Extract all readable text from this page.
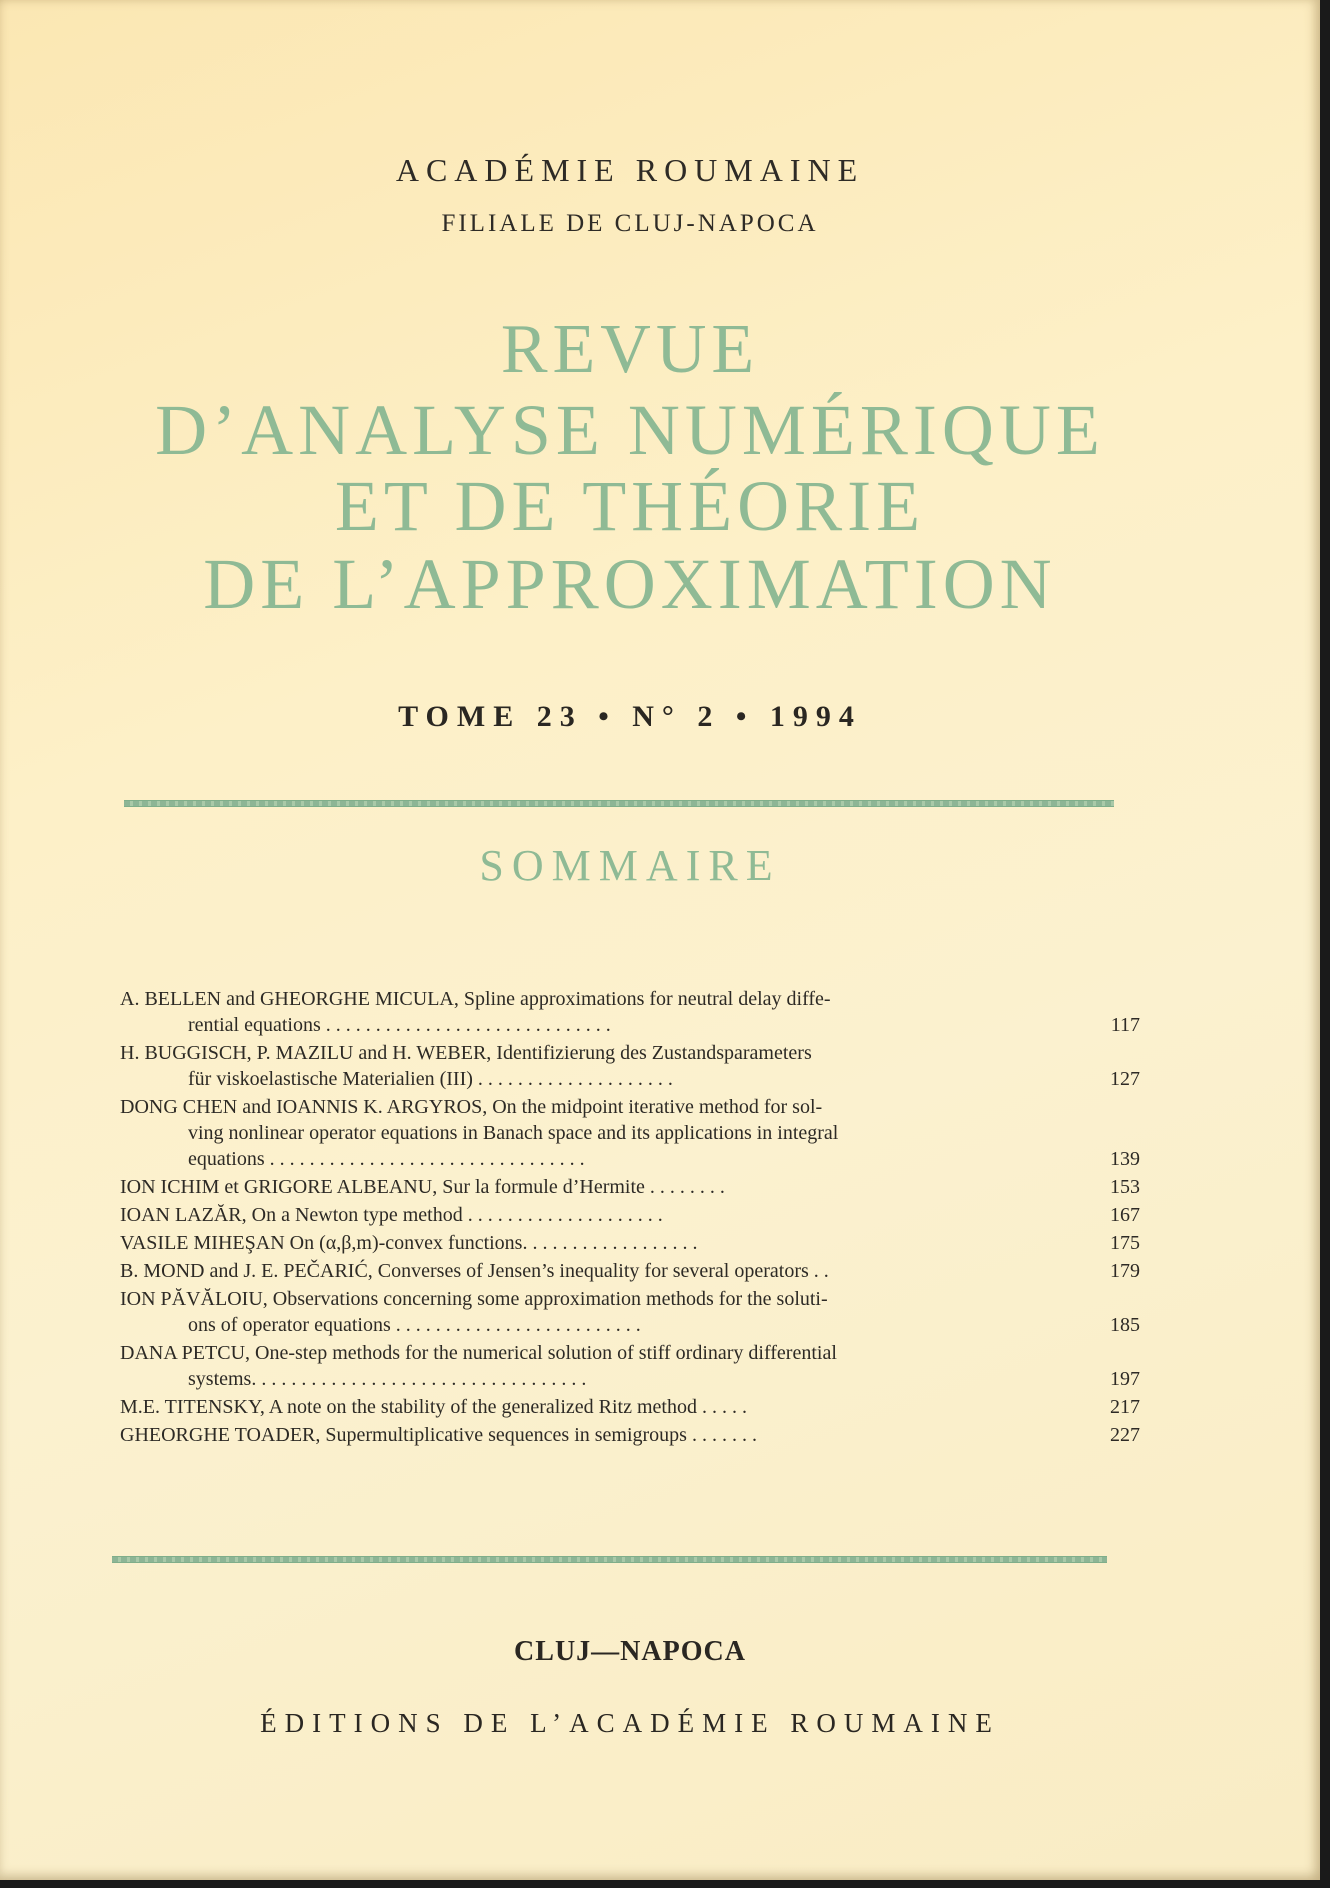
ACADÉMIE ROUMAINE
FILIALE DE CLUJ-NAPOCA
REVUE
D’ANALYSE NUMÉRIQUE
ET DE THÉORIE
DE L’APPROXIMATION
TOME 23 • N° 2 • 1994
SOMMAIRE
A. BELLEN and GHEORGHE MICULA, Spline approximations for neutral delay diffe-
rential equations . . . . . . . . . . . . . . . . . . . . . . . . . . . . .	117
H. BUGGISCH, P. MAZILU and H. WEBER, Identifizierung des Zustandsparameters
für viskoelastische Materialien (III) . . . . . . . . . . . . . . . . . . . .	127
DONG CHEN and IOANNIS K. ARGYROS, On the midpoint iterative method for sol-
ving nonlinear operator equations in Banach space and its applications in integral
equations . . . . . . . . . . . . . . . . . . . . . . . . . . . . . . . .	139
ION ICHIM et GRIGORE ALBEANU, Sur la formule d’Hermite . . . . . . . .	153
IOAN LAZĂR, On a Newton type method . . . . . . . . . . . . . . . . . . . .	167
VASILE MIHEŞAN On (α,β,m)-convex functions. . . . . . . . . . . . . . . . . .	175
B. MOND and J. E. PEČARIĆ, Converses of Jensen’s inequality for several operators . .	179
ION PĂVĂLOIU, Observations concerning some approximation methods for the soluti-
ons of operator equations . . . . . . . . . . . . . . . . . . . . . . . . .	185
DANA PETCU, One-step methods for the numerical solution of stiff ordinary differential
systems. . . . . . . . . . . . . . . . . . . . . . . . . . . . . . . . . .	197
M.E. TITENSKY, A note on the stability of the generalized Ritz method . . . . .	217
GHEORGHE TOADER, Supermultiplicative sequences in semigroups . . . . . . .	227
CLUJ—NAPOCA
ÉDITIONS DE L’ACADÉMIE ROUMAINE
